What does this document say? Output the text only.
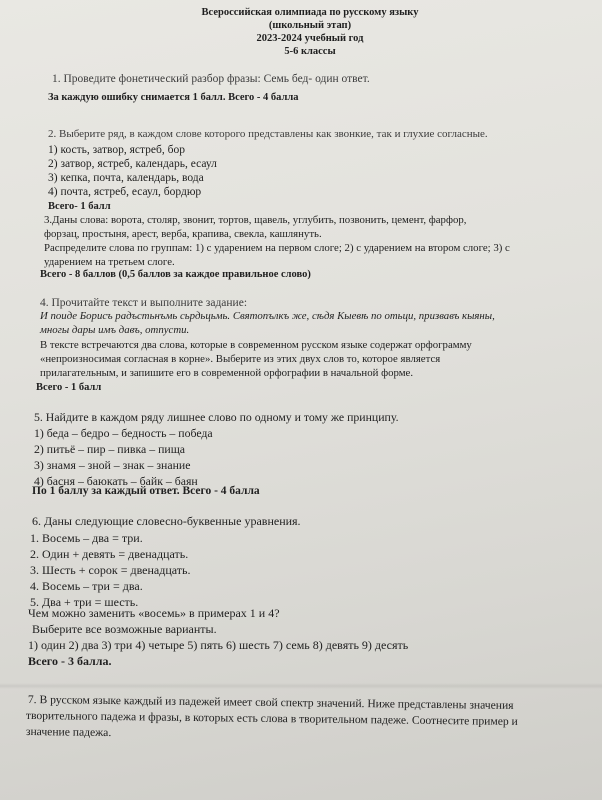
Всероссийская олимпиада по русскому языку
(школьный этап)
2023-2024 учебный год
5-6 классы
1. Проведите фонетический разбор фразы: Семь бед- один ответ.
За каждую ошибку снимается 1 балл. Всего - 4 балла
2. Выберите ряд, в каждом слове которого представлены как звонкие, так и глухие согласные.
1) кость, затвор, ястреб, бор
2) затвор, ястреб, календарь, есаул
3) кепка, почта, календарь, вода
4) почта, ястреб, есаул, бордюр
Всего- 1 балл
3.Даны слова: ворота, столяр, звонит, тортов, щавель, углубить, позвонить, цемент, фарфор,
форзац, простыня, арест, верба, крапива, свекла, кашлянуть.
Распределите слова по группам: 1) с ударением на первом слоге; 2) с ударением на втором слоге; 3) с
ударением на третьем слоге.
Всего - 8 баллов (0,5 баллов за каждое правильное слово)
4. Прочитайте текст и выполните задание:
И поиде Борисъ радъстьнъмь сьрдьцьмь. Святопълкъ же, сѣдя Кыевѣ по отьци, призвавъ кыяны,
многы дары имъ давъ, отпусти.
В тексте встречаются два слова, которые в современном русском языке содержат орфограмму
«непроизносимая согласная в корне». Выберите из этих двух слов то, которое является
прилагательным, и запишите его в современной орфографии в начальной форме.
Всего - 1 балл
5. Найдите в каждом ряду лишнее слово по одному и тому же принципу.
1) беда – бедро – бедность – победа
2) питьё – пир – пивка – пища
3) знамя – зной – знак – знание
4) басня – баюкать – байк – баян
По 1 баллу за каждый ответ. Всего - 4 балла
6. Даны следующие словесно-буквенные уравнения.
1. Восемь – два = три.
2. Один + девять = двенадцать.
3. Шесть + сорок = двенадцать.
4. Восемь – три = два.
5. Два + три = шесть.
Чем можно заменить «восемь» в примерах 1 и 4?
Выберите все возможные варианты.
1) один 2) два 3) три 4) четыре 5) пять 6) шесть 7) семь 8) девять 9) десять
Всего - 3 балла.
7. В русском языке каждый из падежей имеет свой спектр значений. Ниже представлены значения
творительного падежа и фразы, в которых есть слова в творительном падеже. Соотнесите пример и
значение падежа.
